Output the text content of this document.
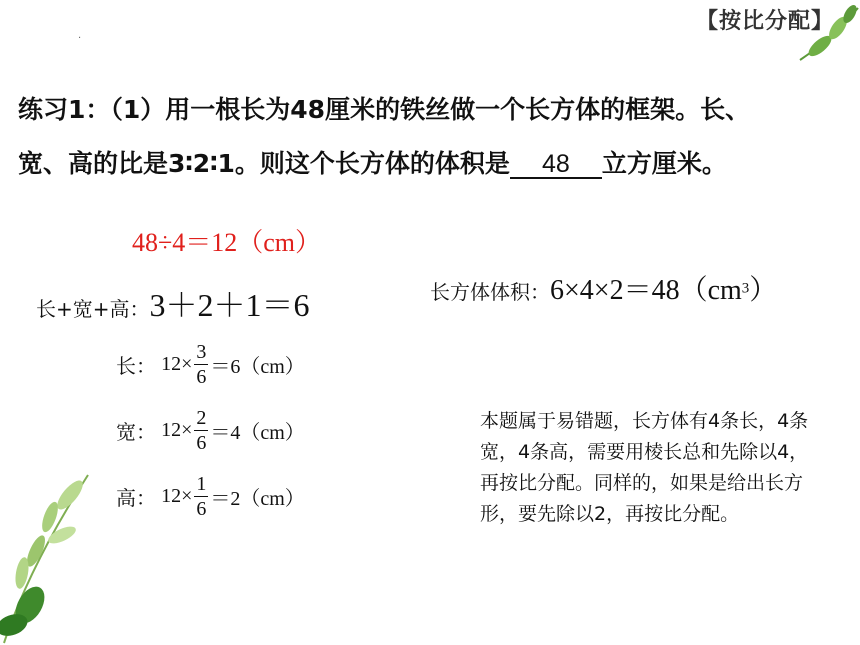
【按比分配】
.
练习1：（1）用一根长为48厘米的铁丝做一个长方体的框架。长、
宽、高的比是3∶2∶1。则这个长方体的体积是 48 立方厘米。
48÷4＝12（cm）
长+宽+高：3＋2＋1＝6	长方体体积：$6\times 4\times 2=48(cm^3)$
长： $12\times \frac{3}{6} =6(cm)$
宽： $12\times \frac{2}{6} =4(cm)$
高： $12\times \frac{1}{6} =2(cm)$
本题属于易错题，长方体有4条长，4条宽，4条高，需要用棱长总和先除以4，再按比分配。同样的，如果是给出长方形，要先除以2，再按比分配。
